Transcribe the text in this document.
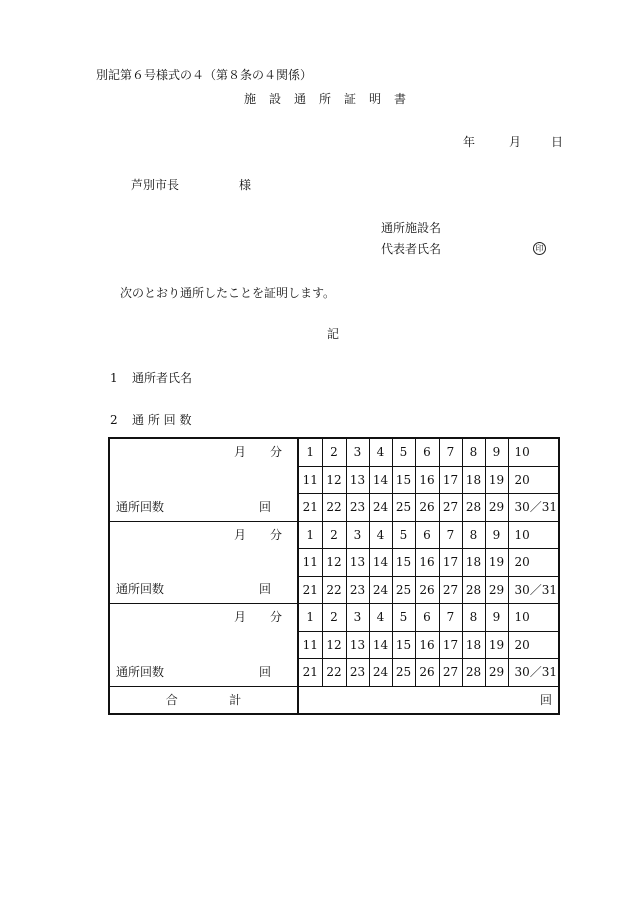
別記第６号様式の４（第８条の４関係）
施設通所証明書
年	月	日
芦別市長	様
通所施設名
代表者氏名	印
次のとおり通所したことを証明します。
記
1 通所者氏名
2 通 所 回 数
月　　分
通所回数 回	1	2	3	4	5	6	7	8	9	10
	11	12	13	14	15	16	17	18	19	20
	21	22	23	24	25	26	27	28	29	30／31

月　　分
通所回数 回	1	2	3	4	5	6	7	8	9	10
	11	12	13	14	15	16	17	18	19	20
	21	22	23	24	25	26	27	28	29	30／31

月　　分
通所回数 回	1	2	3	4	5	6	7	8	9	10
	11	12	13	14	15	16	17	18	19	20
	21	22	23	24	25	26	27	28	29	30／31

合 計	回									
